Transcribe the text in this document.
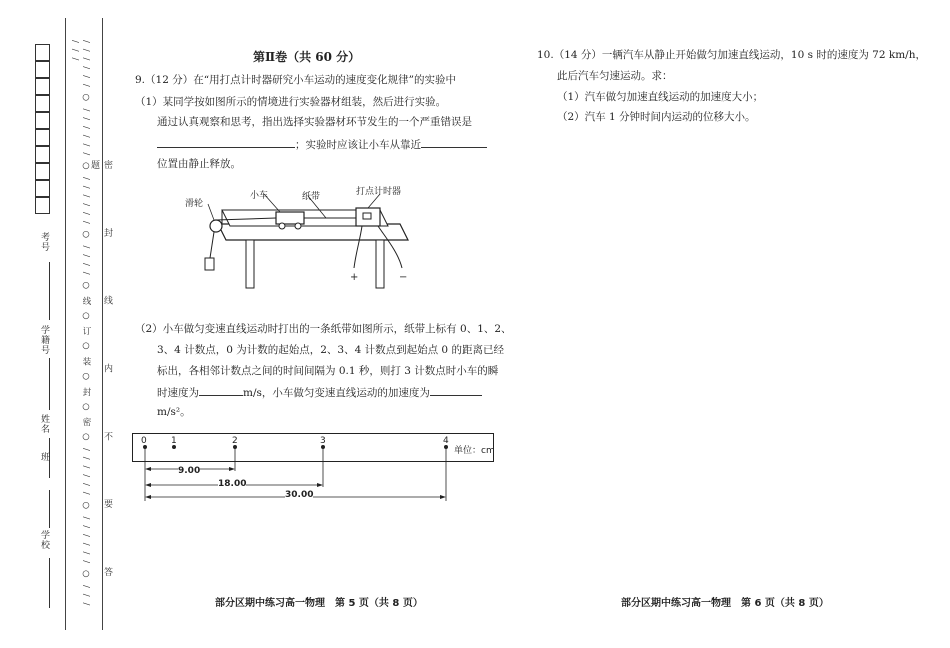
考号
学籍号
姓名
班
学校	/ / / / / / ○ / / / / / / ○ / / / / / / ○ / / / / ○ 线 ○ 订 ○ 装 ○ 封 ○ 密 ○ / / / / / / ○ / / / / / / ○ / / / / / /
密 封 线 内 不 要 答 题
第Ⅱ卷（共 60 分）
9.（12 分）在“用打点计时器研究小车运动的速度变化规律”的实验中
（1）某同学按如图所示的情境进行实验器材组装，然后进行实验。
通过认真观察和思考，指出选择实验器材环节发生的一个严重错误是
；实验时应该让小车从靠近
位置由静止释放。
滑轮
小车	纸带	打点计时器
+	−
（2）小车做匀变速直线运动时打出的一条纸带如图所示，纸带上标有 0、1、2、
3、4 计数点，0 为计数的起始点，2、3、4 计数点到起始点 0 的距离已经
标出，各相邻计数点之间的时间间隔为 0.1 秒，则打 3 计数点时小车的瞬
时速度为	m/s，小车做匀变速直线运动的加速度为
m/s²。
0	1	2	3	4
单位：cm
9.00
18.00
30.00
部分区期中练习高一物理　第 5 页（共 8 页）
10.（14 分）一辆汽车从静止开始做匀加速直线运动，10 s 时的速度为 72 km/h，
此后汽车匀速运动。求：
（1）汽车做匀加速直线运动的加速度大小；
（2）汽车 1 分钟时间内运动的位移大小。
部分区期中练习高一物理　第 6 页（共 8 页）
